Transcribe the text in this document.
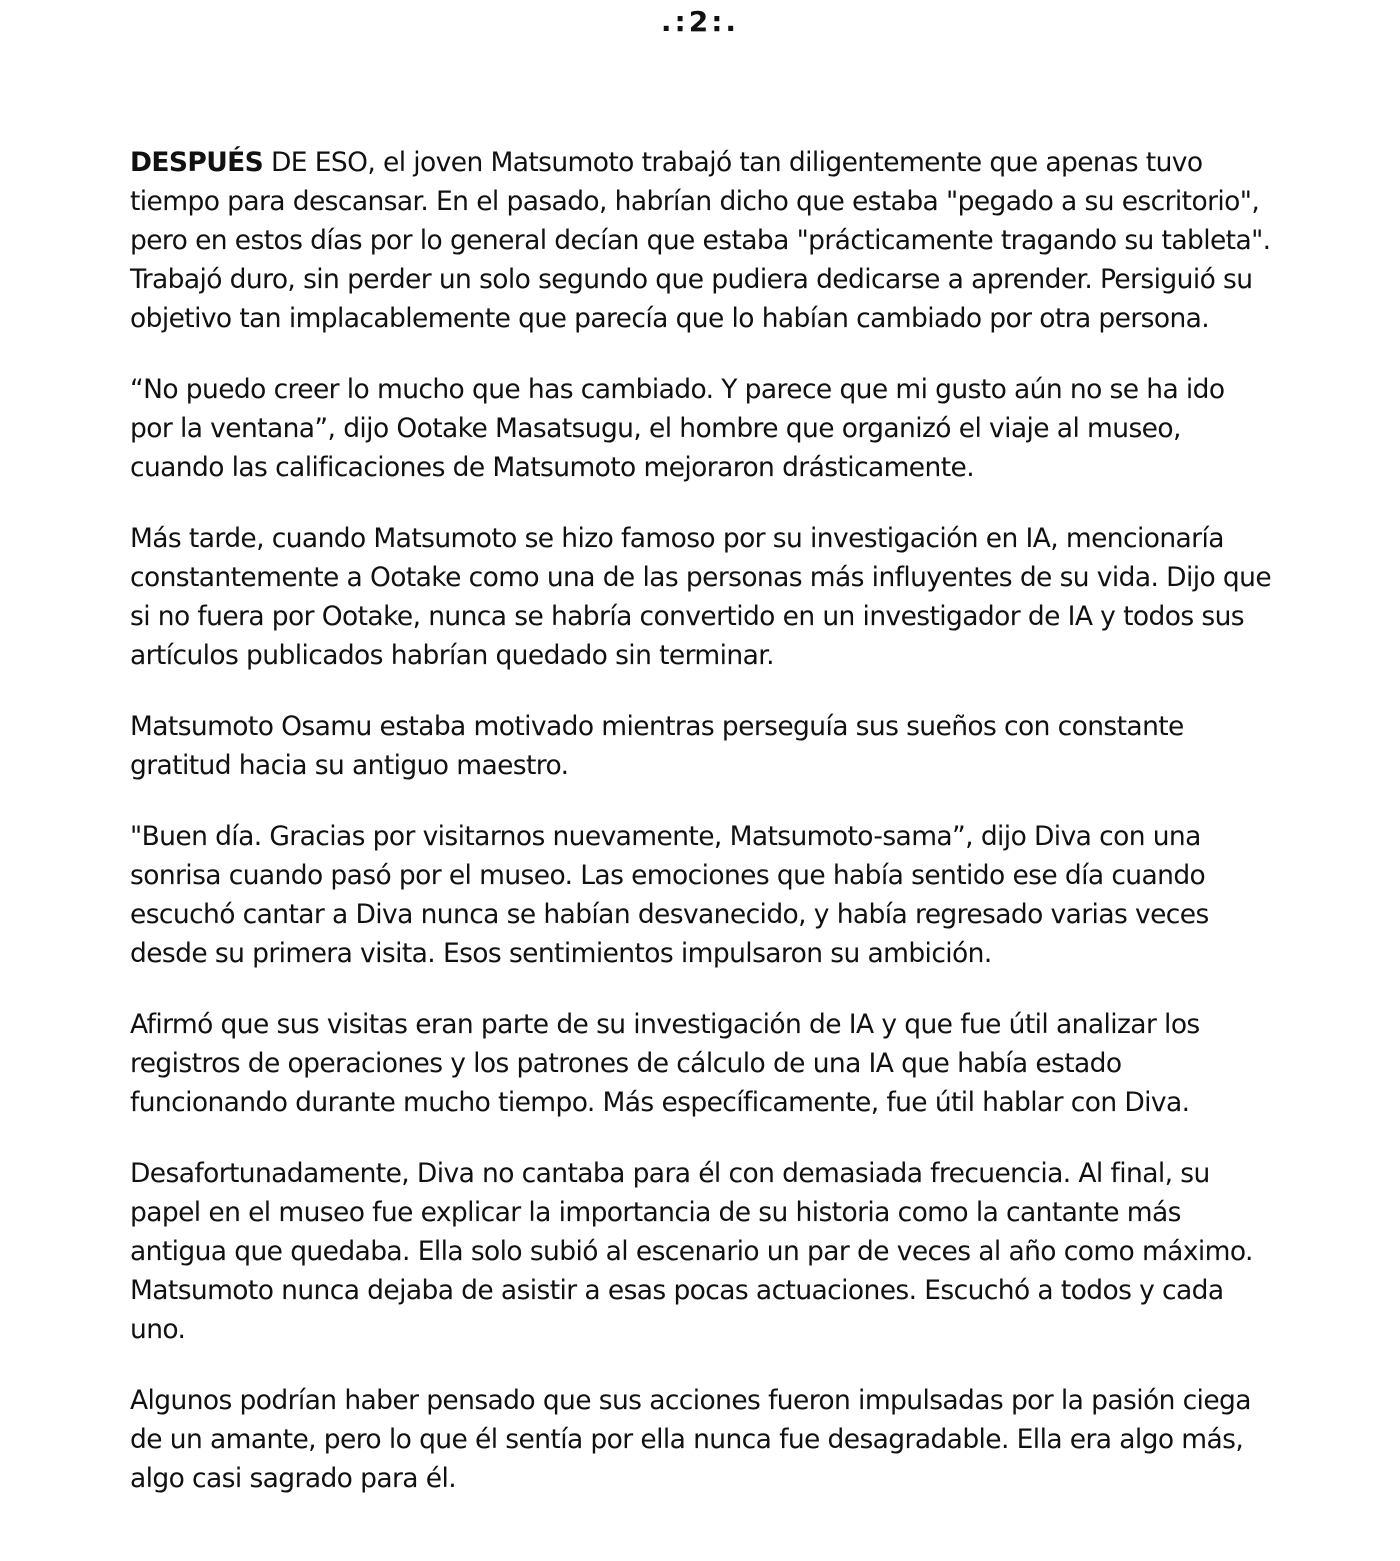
.:2:.

DESPUÉS DE ESO, el joven Matsumoto trabajó tan diligentemente que apenas tuvo tiempo para descansar. En el pasado, habrían dicho que estaba "pegado a su escritorio", pero en estos días por lo general decían que estaba "prácticamente tragando su tableta". Trabajó duro, sin perder un solo segundo que pudiera dedicarse a aprender. Persiguió su objetivo tan implacablemente que parecía que lo habían cambiado por otra persona.

“No puedo creer lo mucho que has cambiado. Y parece que mi gusto aún no se ha ido por la ventana”, dijo Ootake Masatsugu, el hombre que organizó el viaje al museo, cuando las calificaciones de Matsumoto mejoraron drásticamente.

Más tarde, cuando Matsumoto se hizo famoso por su investigación en IA, mencionaría constantemente a Ootake como una de las personas más influyentes de su vida. Dijo que si no fuera por Ootake, nunca se habría convertido en un investigador de IA y todos sus artículos publicados habrían quedado sin terminar.

Matsumoto Osamu estaba motivado mientras perseguía sus sueños con constante gratitud hacia su antiguo maestro.

"Buen día. Gracias por visitarnos nuevamente, Matsumoto-sama”, dijo Diva con una sonrisa cuando pasó por el museo. Las emociones que había sentido ese día cuando escuchó cantar a Diva nunca se habían desvanecido, y había regresado varias veces desde su primera visita. Esos sentimientos impulsaron su ambición.

Afirmó que sus visitas eran parte de su investigación de IA y que fue útil analizar los registros de operaciones y los patrones de cálculo de una IA que había estado funcionando durante mucho tiempo. Más específicamente, fue útil hablar con Diva.

Desafortunadamente, Diva no cantaba para él con demasiada frecuencia. Al final, su papel en el museo fue explicar la importancia de su historia como la cantante más antigua que quedaba. Ella solo subió al escenario un par de veces al año como máximo. Matsumoto nunca dejaba de asistir a esas pocas actuaciones. Escuchó a todos y cada uno.

Algunos podrían haber pensado que sus acciones fueron impulsadas por la pasión ciega de un amante, pero lo que él sentía por ella nunca fue desagradable. Ella era algo más, algo casi sagrado para él.
